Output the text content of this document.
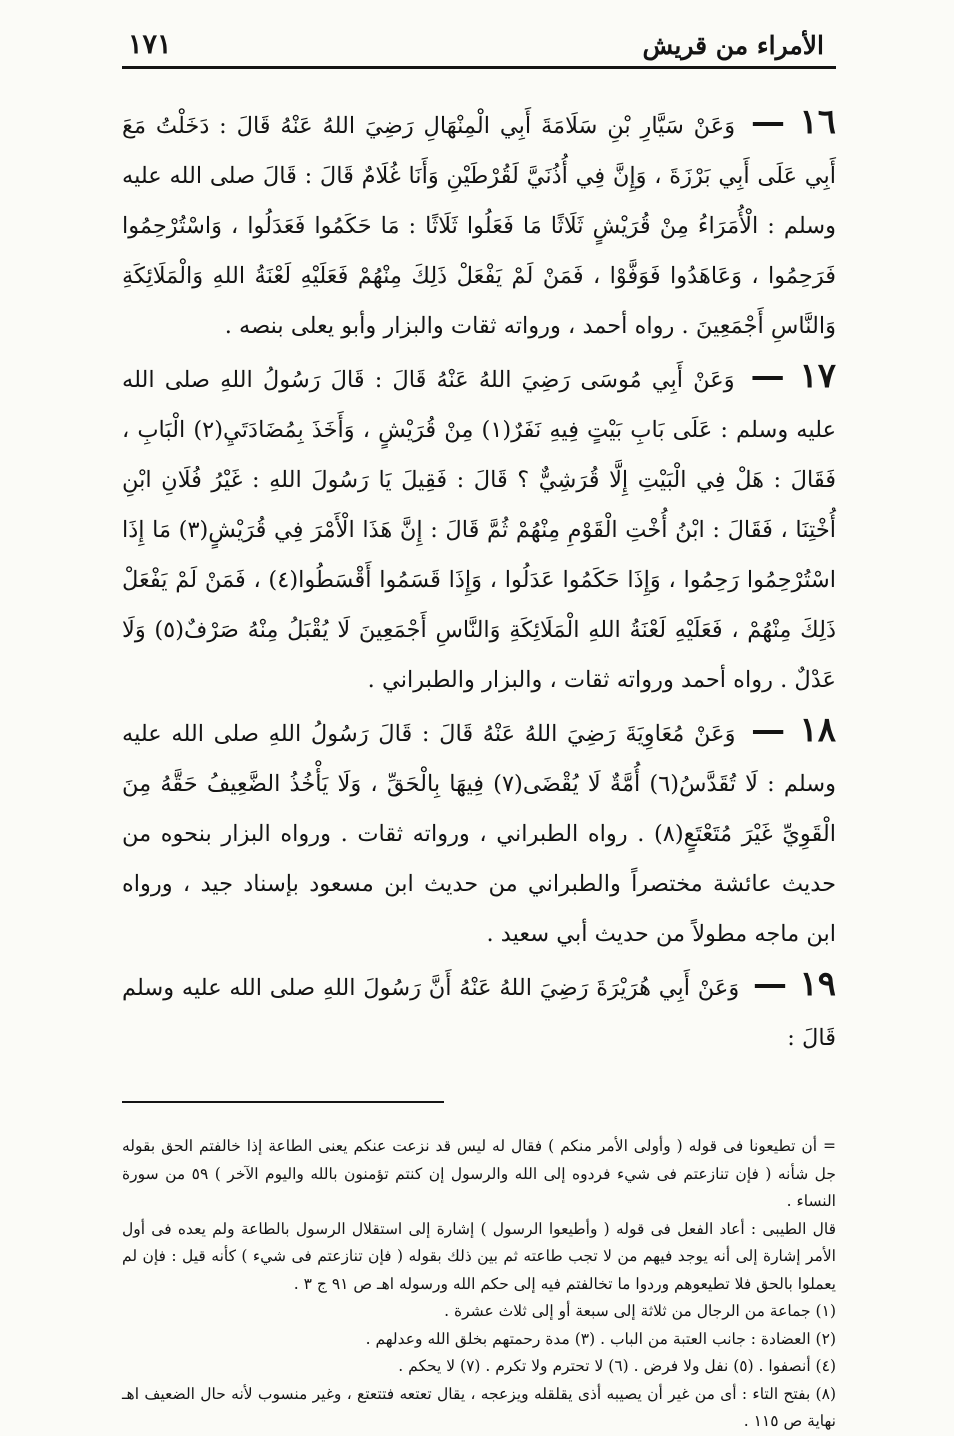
الأمراء من قريش
١٧١

١٦ — وَعَنْ سَيَّارِ بْنِ سَلَامَةَ أَبِي الْمِنْهَالِ رَضِيَ اللهُ عَنْهُ قَالَ : دَخَلْتُ مَعَ أَبِي عَلَى أَبِي بَرْزَةَ ، وَإِنَّ فِي أُذُنَيَّ لَقُرْطَيْنِ وَأَنَا غُلَامٌ قَالَ : قَالَ صلى الله عليه وسلم : الْأُمَرَاءُ مِنْ قُرَيْشٍ ثَلَاثًا مَا فَعَلُوا ثَلَاثًا : مَا حَكَمُوا فَعَدَلُوا ، وَاسْتُرْحِمُوا فَرَحِمُوا ، وَعَاهَدُوا فَوَفَّوْا ، فَمَنْ لَمْ يَفْعَلْ ذَلِكَ مِنْهُمْ فَعَلَيْهِ لَعْنَةُ اللهِ وَالْمَلَائِكَةِ وَالنَّاسِ أَجْمَعِينَ . رواه أحمد ، ورواته ثقات والبزار وأبو يعلى بنصه .

١٧ — وَعَنْ أَبِي مُوسَى رَضِيَ اللهُ عَنْهُ قَالَ : قَالَ رَسُولُ اللهِ صلى الله عليه وسلم : عَلَى بَابِ بَيْتٍ فِيهِ نَفَرٌ(١) مِنْ قُرَيْشٍ ، وَأَخَذَ بِمُضَادَتَيِ(٢) الْبَابِ ، فَقَالَ : هَلْ فِي الْبَيْتِ إِلَّا قُرَشِيٌّ ؟ قَالَ : فَقِيلَ يَا رَسُولَ اللهِ : غَيْرُ فُلَانِ ابْنِ أُخْتِنَا ، فَقَالَ : ابْنُ أُخْتِ الْقَوْمِ مِنْهُمْ ثُمَّ قَالَ : إِنَّ هَذَا الْأَمْرَ فِي قُرَيْشٍ(٣) مَا إِذَا اسْتُرْحِمُوا رَحِمُوا ، وَإِذَا حَكَمُوا عَدَلُوا ، وَإِذَا قَسَمُوا أَقْسَطُوا(٤) ، فَمَنْ لَمْ يَفْعَلْ ذَلِكَ مِنْهُمْ ، فَعَلَيْهِ لَعْنَةُ اللهِ الْمَلَائِكَةِ وَالنَّاسِ أَجْمَعِينَ لَا يُقْبَلُ مِنْهُ صَرْفٌ(٥) وَلَا عَدْلٌ . رواه أحمد ورواته ثقات ، والبزار والطبراني .

١٨ — وَعَنْ مُعَاوِيَةَ رَضِيَ اللهُ عَنْهُ قَالَ : قَالَ رَسُولُ اللهِ صلى الله عليه وسلم : لَا تُقَدَّسُ(٦) أُمَّةٌ لَا يُقْضَى(٧) فِيهَا بِالْحَقِّ ، وَلَا يَأْخُذُ الضَّعِيفُ حَقَّهُ مِنَ الْقَوِيِّ غَيْرَ مُتَعْتَعٍ(٨) . رواه الطبراني ، ورواته ثقات . ورواه البزار بنحوه من حديث عائشة مختصراً والطبراني من حديث ابن مسعود بإسناد جيد ، ورواه ابن ماجه مطولاً من حديث أبي سعيد .

١٩ — وَعَنْ أَبِي هُرَيْرَةَ رَضِيَ اللهُ عَنْهُ أَنَّ رَسُولَ اللهِ صلى الله عليه وسلم قَالَ :

= أن تطيعونا فى قوله ( وأولى الأمر منكم ) فقال له ليس قد نزعت عنكم يعنى الطاعة إذا خالفتم الحق بقوله جل شأنه ( فإن تنازعتم فى شيء فردوه إلى الله والرسول إن كنتم تؤمنون بالله واليوم الآخر ) ٥٩ من سورة النساء .

قال الطيبى : أعاد الفعل فى قوله ( وأطيعوا الرسول ) إشارة إلى استقلال الرسول بالطاعة ولم يعده فى أول الأمر إشارة إلى أنه يوجد فيهم من لا تجب طاعته ثم بين ذلك بقوله ( فإن تنازعتم فى شيء ) كأنه قيل : فإن لم يعملوا بالحق فلا تطيعوهم وردوا ما تخالفتم فيه إلى حكم الله ورسوله اهـ ص ٩١ ج ٣ .

(١) جماعة من الرجال من ثلاثة إلى سبعة أو إلى ثلاث عشرة .

(٢) العضادة : جانب العتبة من الباب . (٣) مدة رحمتهم بخلق الله وعدلهم .

(٤) أنصفوا . (٥) نفل ولا فرض . (٦) لا تحترم ولا تكرم . (٧) لا يحكم .

(٨) بفتح التاء : أى من غير أن يصيبه أذى يقلقله ويزعجه ، يقال تعتعه فتتعتع ، وغير منسوب لأنه حال الضعيف اهـ نهاية ص ١١٥ .
